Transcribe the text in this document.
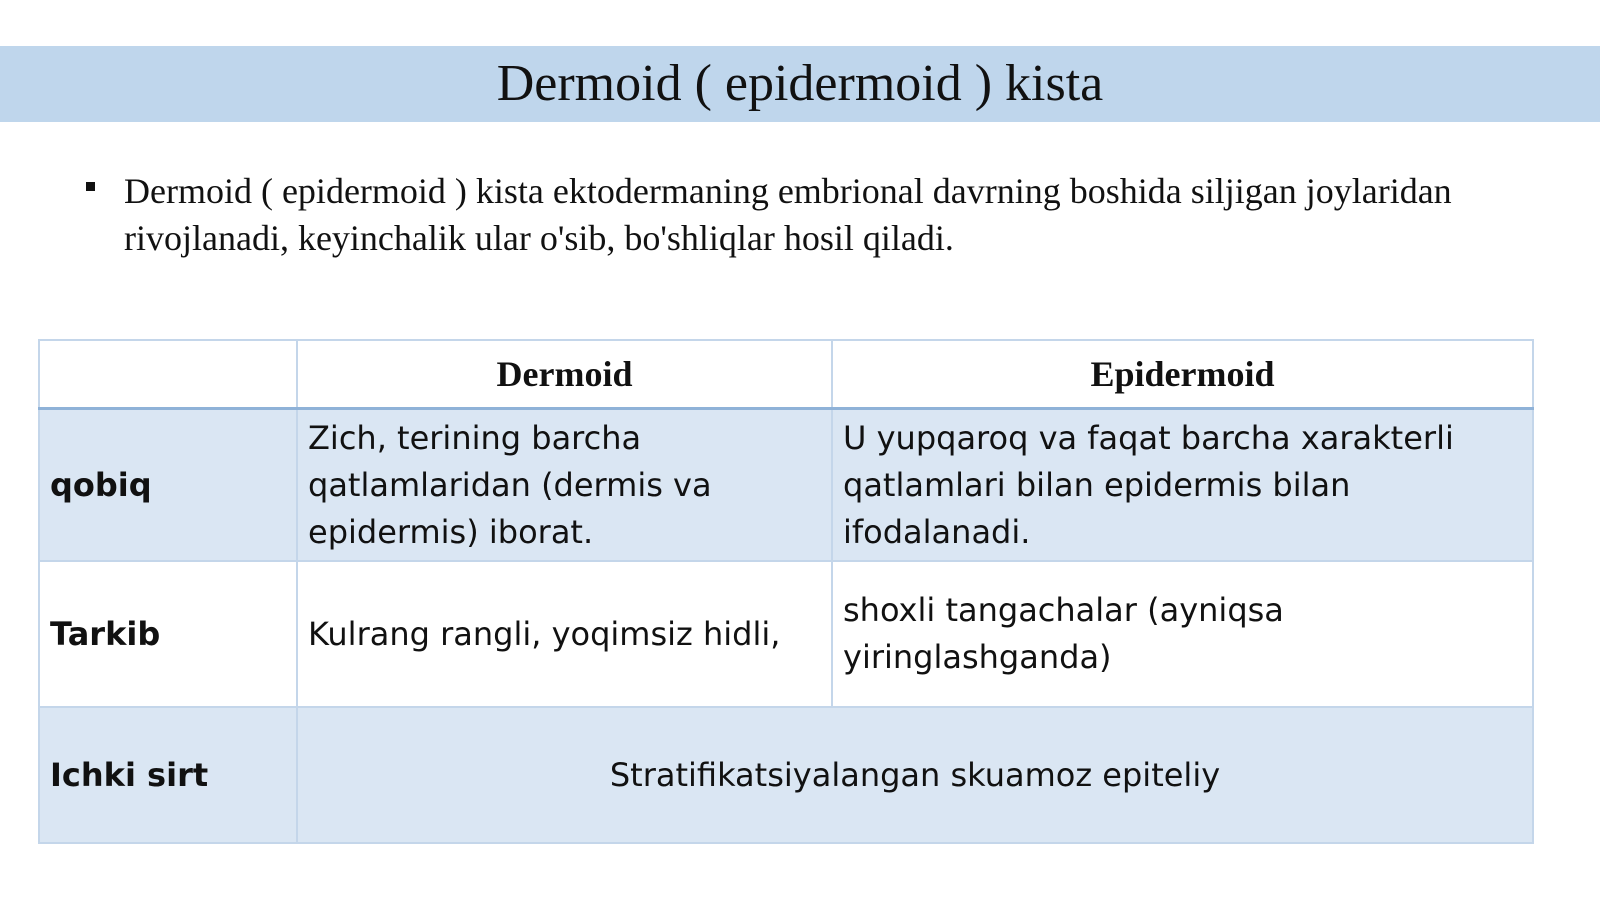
Dermoid ( epidermoid ) kista
Dermoid ( epidermoid ) kista ektodermaning embrional davrning boshida siljigan joylaridan rivojlanadi, keyinchalik ular o'sib, bo'shliqlar hosil qiladi.
	Dermoid	Epidermoid
qobiq	Zich, terining barcha qatlamlaridan (dermis va epidermis) iborat.	U yupqaroq va faqat barcha xarakterli qatlamlari bilan epidermis bilan ifodalanadi.
Tarkib	Kulrang rangli, yoqimsiz hidli,	shoxli tangachalar (ayniqsa yiringlashganda)
Ichki sirt	Stratifikatsiyalangan skuamoz epiteliy	
